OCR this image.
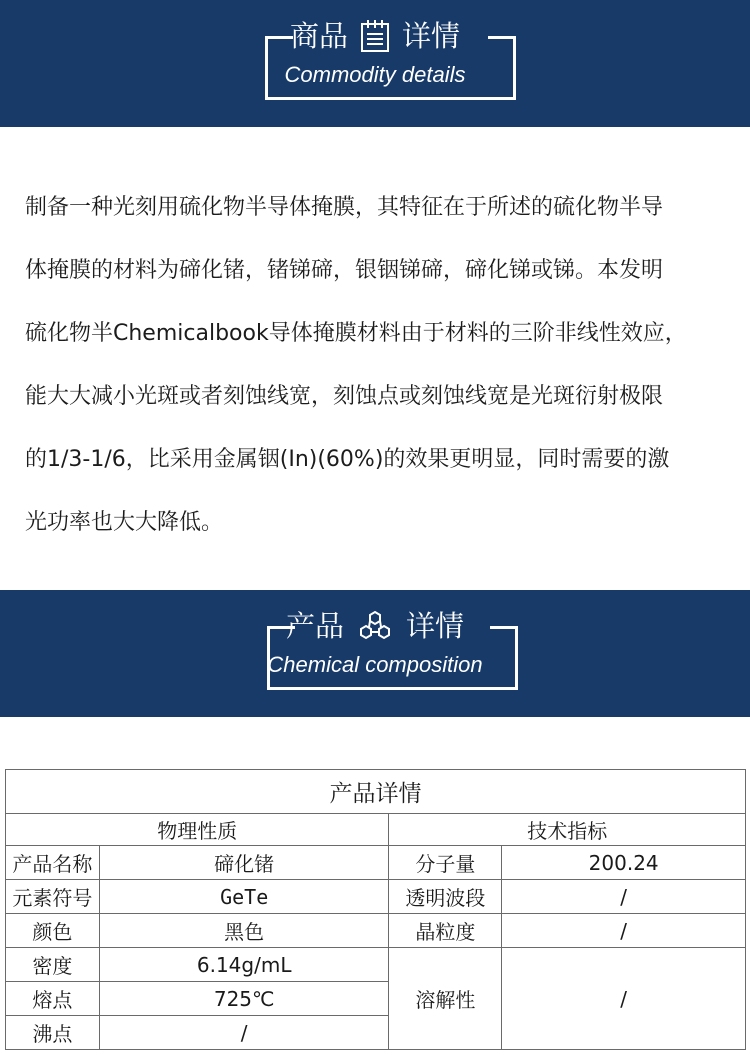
商品 详情
Commodity details
制备一种光刻用硫化物半导体掩膜，其特征在于所述的硫化物半导
体掩膜的材料为碲化锗，锗锑碲，银铟锑碲，碲化锑或锑。本发明
硫化物半Chemicalbook导体掩膜材料由于材料的三阶非线性效应，
能大大减小光斑或者刻蚀线宽，刻蚀点或刻蚀线宽是光斑衍射极限
的1/3-1/6，比采用金属铟(In)(60%)的效果更明显，同时需要的激
光功率也大大降低。
产品 详情
Chemical composition
产品详情			
物理性质		技术指标	
产品名称	碲化锗	分子量	200.24
元素符号	GeTe	透明波段	/
颜色	黑色	晶粒度	/
密度	6.14g/mL	溶解性	/
熔点	725℃		
沸点	/		
